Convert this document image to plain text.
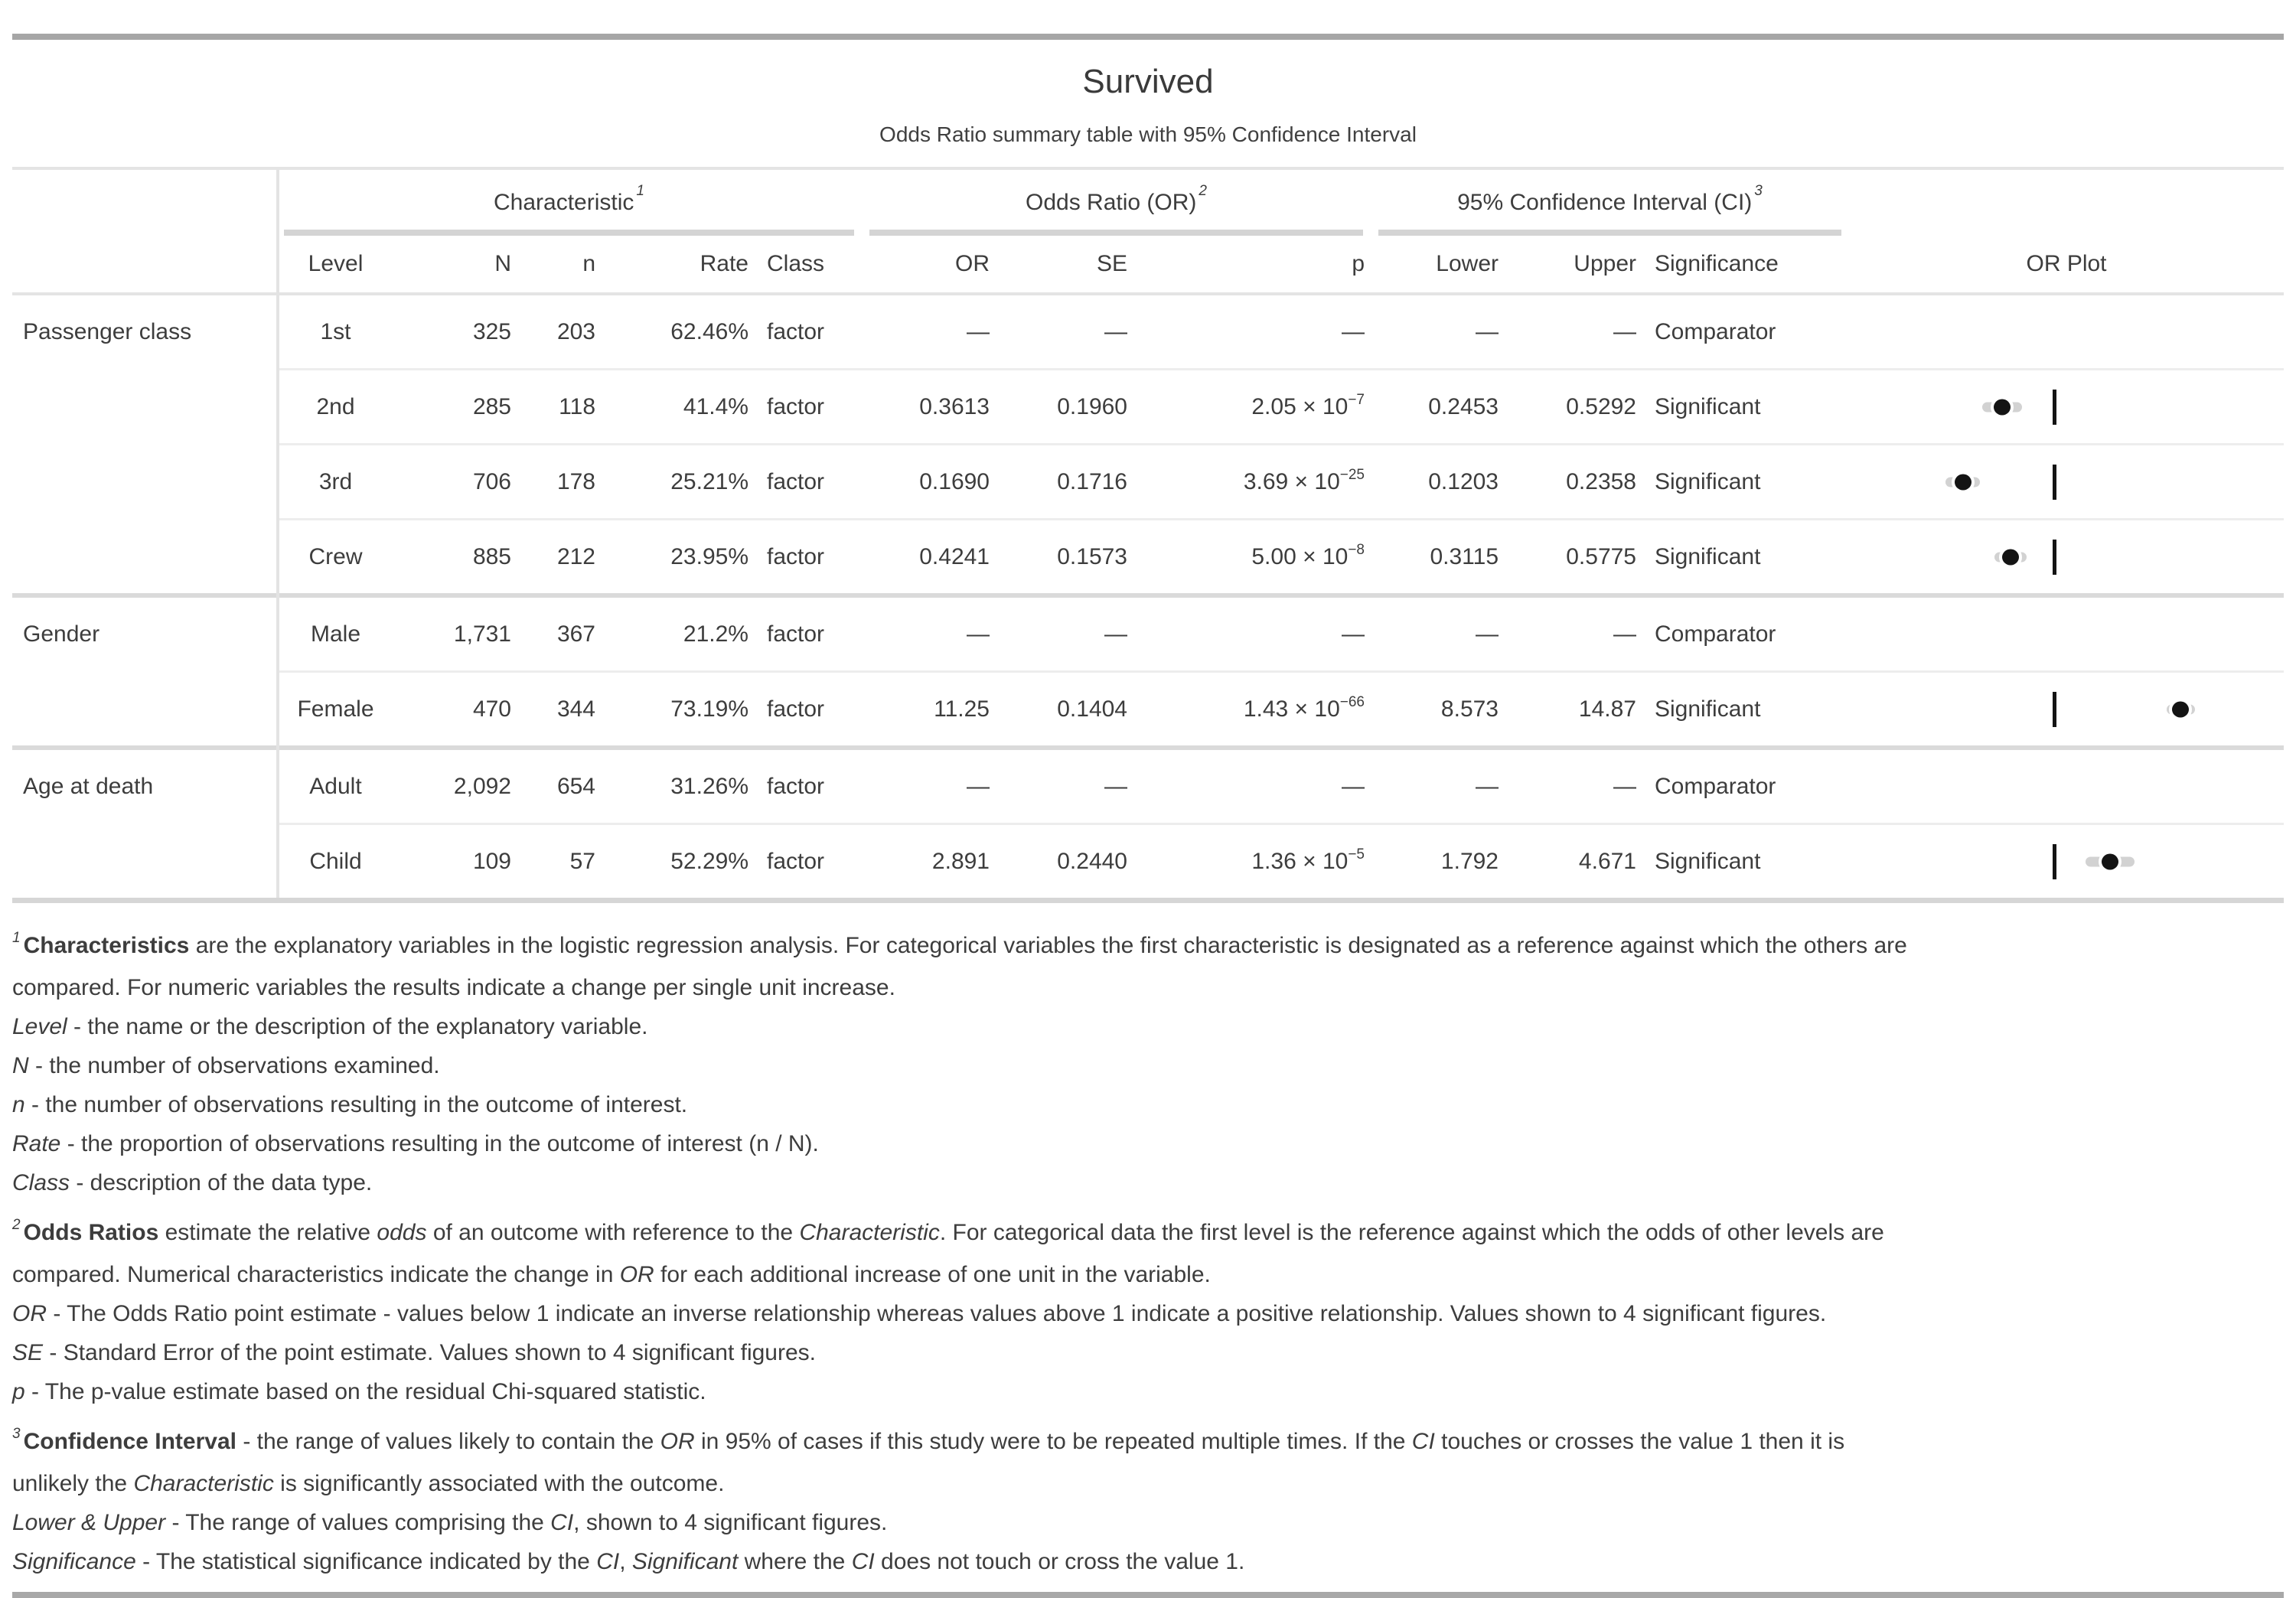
Survived
Odds Ratio summary table with 95% Confidence Interval
Characteristic 1	Odds Ratio (OR) 2	95% Confidence Interval (CI) 3
Level	N	n	Rate Class	OR	SE	p	Lower	Upper Significance	OR Plot
Passenger class	1st	325	203	62.46% factor	—	—	—	—	— Comparator
2nd	285	118	41.4% factor	0.3613	0.1960	$2.05 \times 10^{-7}$	0.2453	0.5292 Significant
3rd	706	178	25.21% factor	0.1690	0.1716	$3.69 \times 10^{-25}$	0.1203	0.2358 Significant
Crew	885	212	23.95% factor	0.4241	0.1573	$5.00 \times 10^{-8}$	0.3115	0.5775 Significant
Gender	Male	1,731	367	21.2% factor	—	—	—	—	— Comparator
Female	470	344	73.19% factor	11.25	0.1404	$1.43 \times 10^{-66}$	8.573	14.87 Significant
Age at death	Adult	2,092	654	31.26% factor	—	—	—	—	— Comparator
Child	109	57	52.29% factor	2.891	0.2440	$1.36 \times 10^{-5}$	1.792	4.671 Significant
$^1$ Characteristics are the explanatory variables in the logistic regression analysis. For categorical variables the first characteristic is designated as a reference against which the others are
compared. For numeric variables the results indicate a change per single unit increase.
Level - the name or the description of the explanatory variable.
N - the number of observations examined.
n - the number of observations resulting in the outcome of interest.
Rate - the proportion of observations resulting in the outcome of interest (n / N).
Class - description of the data type.
$^2$ Odds Ratios estimate the relative odds of an outcome with reference to the Characteristic. For categorical data the first level is the reference against which the odds of other levels are
compared. Numerical characteristics indicate the change in OR for each additional increase of one unit in the variable.
OR - The Odds Ratio point estimate - values below 1 indicate an inverse relationship whereas values above 1 indicate a positive relationship. Values shown to 4 significant figures.
SE - Standard Error of the point estimate. Values shown to 4 significant figures.
p - The p-value estimate based on the residual Chi-squared statistic.
$^3$ Confidence Interval - the range of values likely to contain the OR in 95% of cases if this study were to be repeated multiple times. If the CI touches or crosses the value 1 then it is
unlikely the Characteristic is significantly associated with the outcome.
Lower & Upper - The range of values comprising the CI, shown to 4 significant figures.
Significance - The statistical significance indicated by the CI, Significant where the CI does not touch or cross the value 1.
